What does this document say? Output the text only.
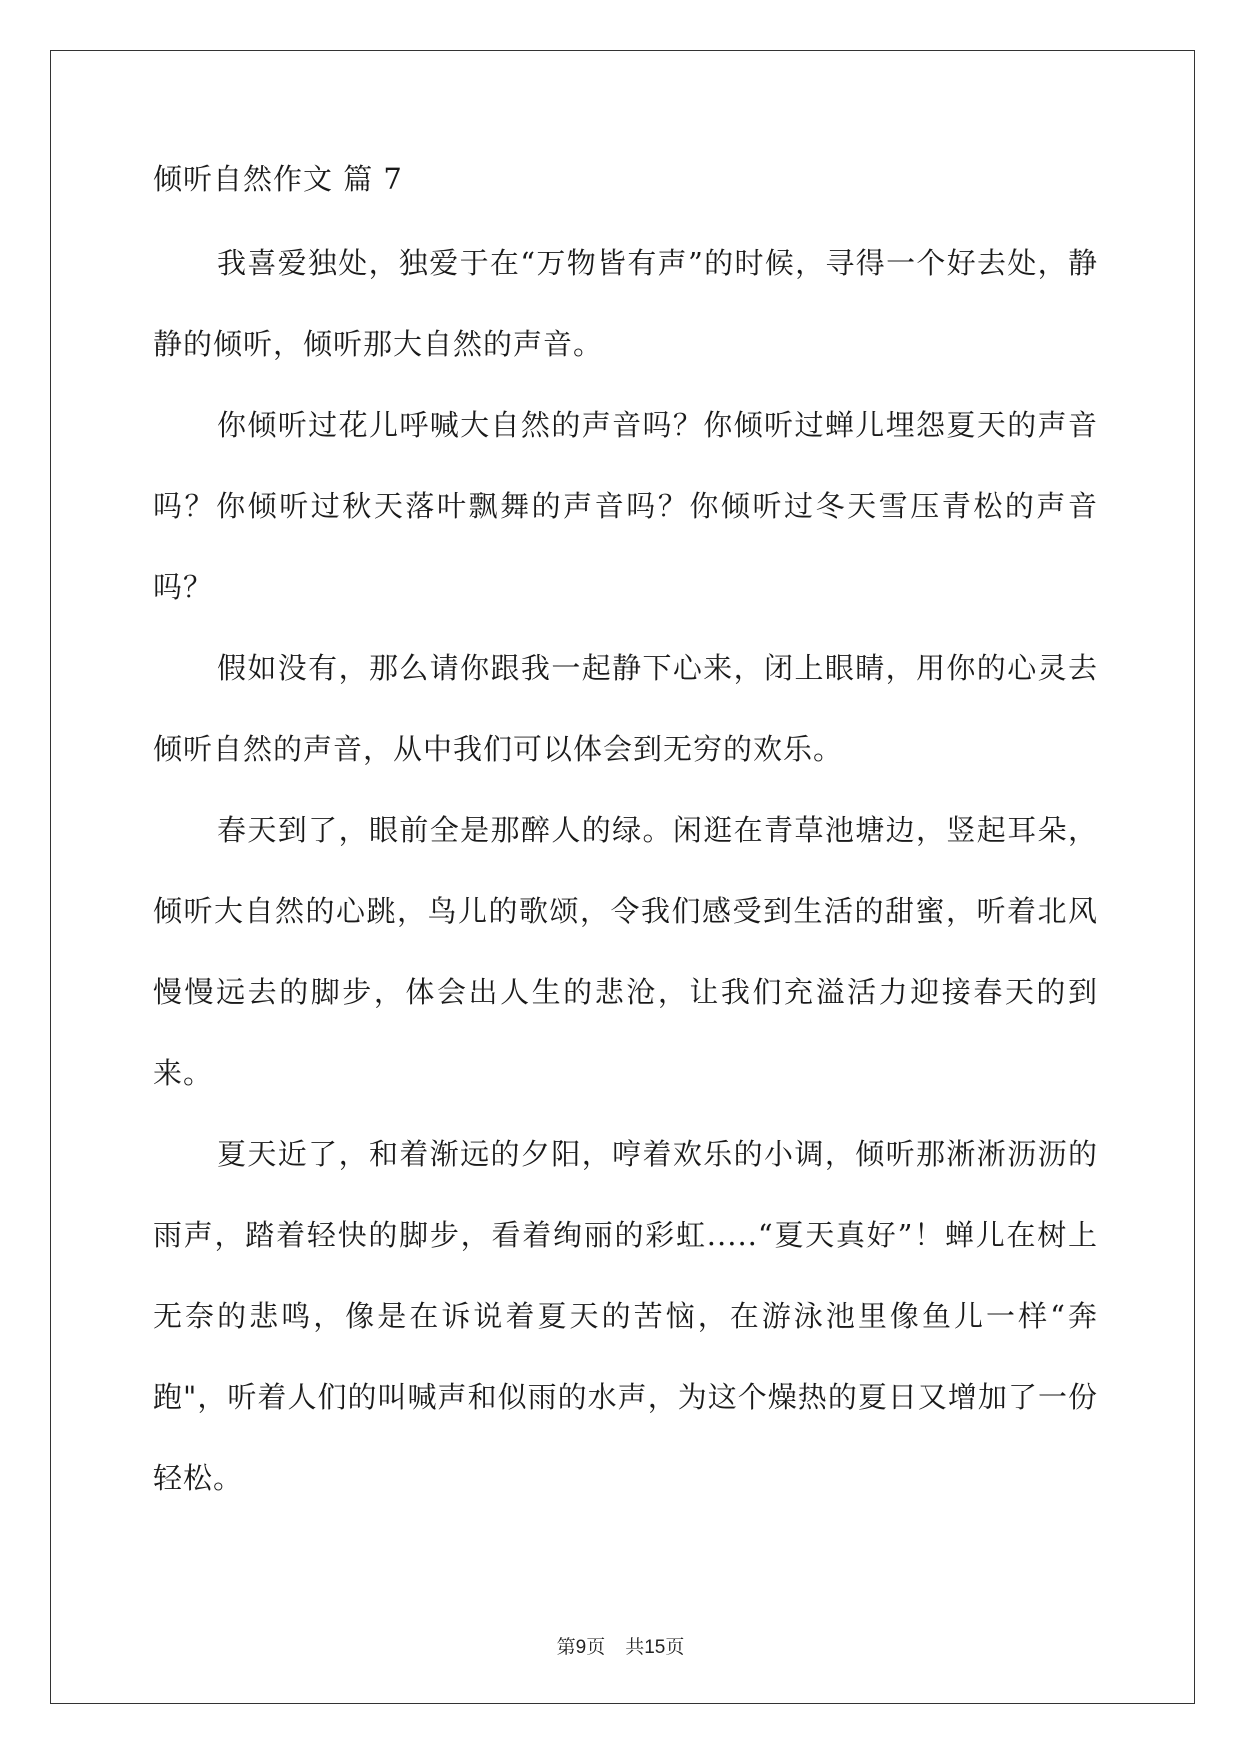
倾听自然作文 篇 7

我喜爱独处，独爱于在“万物皆有声”的时候，寻得一个好去处，静静的倾听，倾听那大自然的声音。

你倾听过花儿呼喊大自然的声音吗？你倾听过蝉儿埋怨夏天的声音吗？你倾听过秋天落叶飘舞的声音吗？你倾听过冬天雪压青松的声音吗？

假如没有，那么请你跟我一起静下心来，闭上眼睛，用你的心灵去倾听自然的声音，从中我们可以体会到无穷的欢乐。

春天到了，眼前全是那醉人的绿。闲逛在青草池塘边，竖起耳朵，倾听大自然的心跳，鸟儿的歌颂，令我们感受到生活的甜蜜，听着北风慢慢远去的脚步，体会出人生的悲沧，让我们充溢活力迎接春天的到来。

夏天近了，和着渐远的夕阳，哼着欢乐的小调，倾听那淅淅沥沥的雨声，踏着轻快的脚步，看着绚丽的彩虹.....“夏天真好”！蝉儿在树上无奈的悲鸣，像是在诉说着夏天的苦恼，在游泳池里像鱼儿一样“奔跑"，听着人们的叫喊声和似雨的水声，为这个燥热的夏日又增加了一份轻松。

第9页 共15页
